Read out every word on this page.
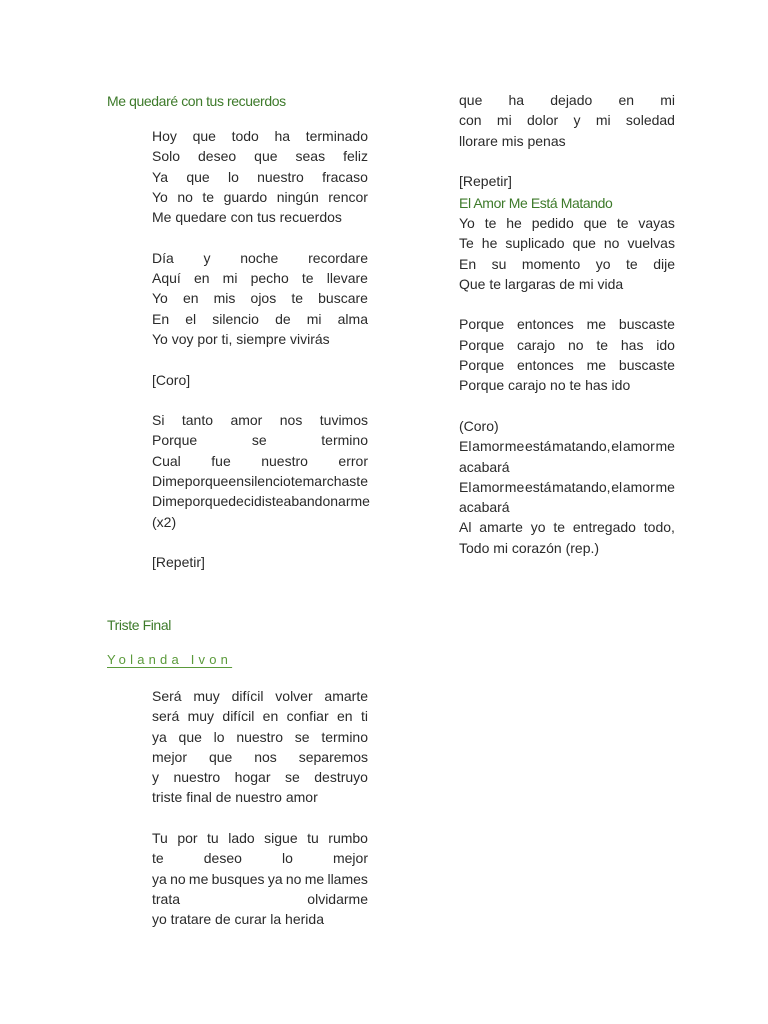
Me quedaré con tus recuerdos
Hoy que todo ha terminado
Solo deseo que seas feliz
Ya que lo nuestro fracaso
Yo no te guardo ningún rencor
Me quedare con tus recuerdos
Día y noche recordare
Aquí en mi pecho te llevare
Yo en mis ojos te buscare
En el silencio de mi alma
Yo voy por ti, siempre vivirás
[Coro]
Si tanto amor nos tuvimos
Porque	se	termino
Cual fue nuestro error
Dime porque en silencio te marchaste
Dime porque decidiste abandonarme
(x2)
[Repetir]
Triste Final
Yolanda Ivon
Será muy difícil volver amarte
será muy difícil en confiar en ti
ya que lo nuestro se termino
mejor que nos separemos
y nuestro hogar se destruyo
triste final de nuestro amor
Tu por tu lado sigue tu rumbo
te	deseo	lo	mejor
ya no me busques ya no me llames
trata	olvidarme
yo tratare de curar la herida
que ha dejado en mi
con mi dolor y mi soledad
llorare mis penas
[Repetir]
El Amor Me Está Matando
Yo te he pedido que te vayas
Te he suplicado que no vuelvas
En su momento yo te dije
Que te largaras de mi vida
Porque entonces me buscaste
Porque carajo no te has ido
Porque entonces me buscaste
Porque carajo no te has ido
(Coro)
El amor me está matando, el amor me
acabará
El amor me está matando, el amor me
acabará
Al amarte yo te entregado todo,
Todo mi corazón (rep.)
